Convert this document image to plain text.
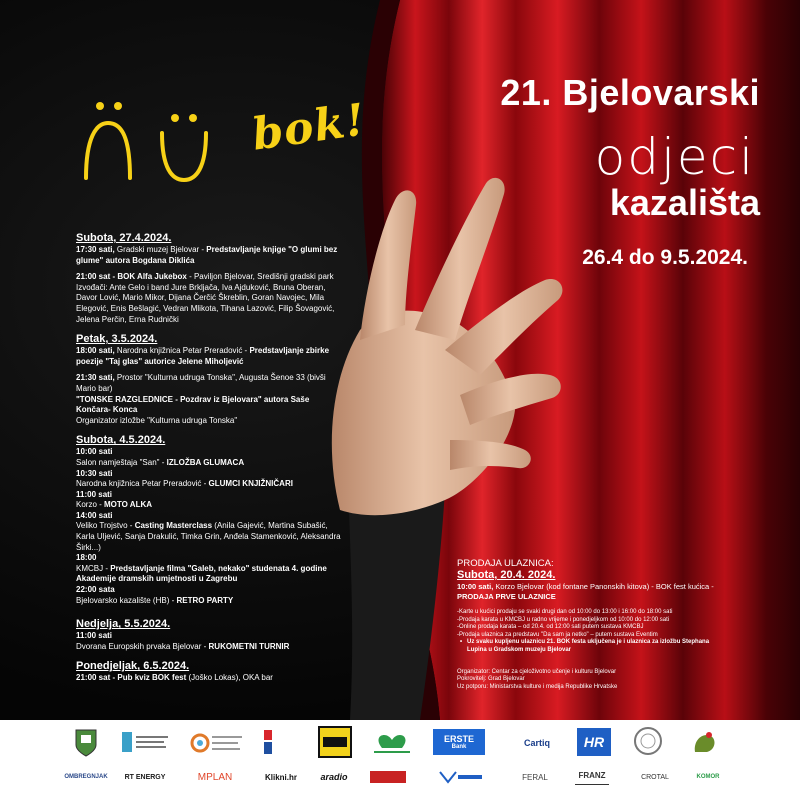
bok!
21. Bjelovarski
odjeci
kazališta
26.4 do 9.5.2024.
Subota, 27.4.2024.
17:30 sati, Gradski muzej Bjelovar - Predstavljanje knjige "O glumi bez glume" autora Bogdana Diklića
21:00 sat - BOK Alfa Jukebox - Paviljon Bjelovar, Središnji gradski park Izvođači: Ante Gelo i band Jure Brkljača, Iva Ajduković, Bruna Oberan, Davor Lović, Mario Mikor, Dijana Čerčić Škreblin, Goran Navojec, Mila Elegović, Enis Bešlagić, Vedran Mlikota, Tihana Lazović, Filip Šovagović, Jelena Perčin, Erna Rudnički
Petak, 3.5.2024.
18:00 sati, Narodna knjižnica Petar Preradović - Predstavljanje zbirke poezije "Taj glas" autorice Jelene Miholjević
21:30 sati, Prostor "Kulturna udruga Tonska", Augusta Šenoe 33 (bivši Mario bar)
"TONSKE RAZGLEDNICE - Pozdrav iz Bjelovara" autora Saše Končara- Konca
Organizator izložbe "Kulturna udruga Tonska"
Subota, 4.5.2024.
10:00 sati
Salon namještaja "San" - IZLOŽBA GLUMACA
10:30 sati
Narodna knjižnica Petar Preradović - GLUMCI KNJIŽNIČARI
11:00 sati
Korzo - MOTO ALKA
14:00 sati
Veliko Trojstvo - Casting Masterclass (Anila Gajević, Martina Subašić, Karla Uljević, Sanja Drakulić, Timka Grin, Anđela Stamenković, Aleksandra Širki...)
18:00
KMCBJ - Predstavljanje filma "Galeb, nekako" studenata 4. godine Akademije dramskih umjetnosti u Zagrebu
22:00 sata
Bjelovarsko kazalište (HB) - RETRO PARTY
Nedjelja, 5.5.2024.
11:00 sati
Dvorana Europskih prvaka Bjelovar - RUKOMETNI TURNIR
Ponedjeljak, 6.5.2024.
21:00 sat - Pub kviz BOK fest (Joško Lokas), OKA bar
PRODAJA ULAZNICA:
Subota, 20.4. 2024.
10:00 sati, Korzo Bjelovar (kod fontane Panonskih kitova) - BOK fest kućica - PRODAJA PRVE ULAZNICE
-Karte u kućici prodaju se svaki drugi dan od 10:00 do 13:00 i 16:00 do 18:00 sati
-Prodaja karata u KMCBJ u radno vrijeme i ponedjeljkom od 10:00 do 12:00 sati
-Online prodaja karata – od 20.4. od 12:00 sati putem sustava KMCBJ
-Prodaja ulaznica za predstavu "Da sam ja netko" – putem sustava Eventim
• Uz svaku kupljenu ulaznicu 21. BOK festa uključena je i ulaznica za izložbu Stephana Lupina u Gradskom muzeju Bjelovar
Organizator: Centar za cjeloživotno učenje i kulturu Bjelovar
Pokrovitelj: Grad Bjelovar
Uz potporu: Ministarstva kulture i medija Republike Hrvatske
ERSTE
Bank	Cartiq HR
OMBREGNJAK RT ENERGY	MPLAN	Klikni.hr	aradio	FERAL	FRANZ	CROTAL	KOMOR
